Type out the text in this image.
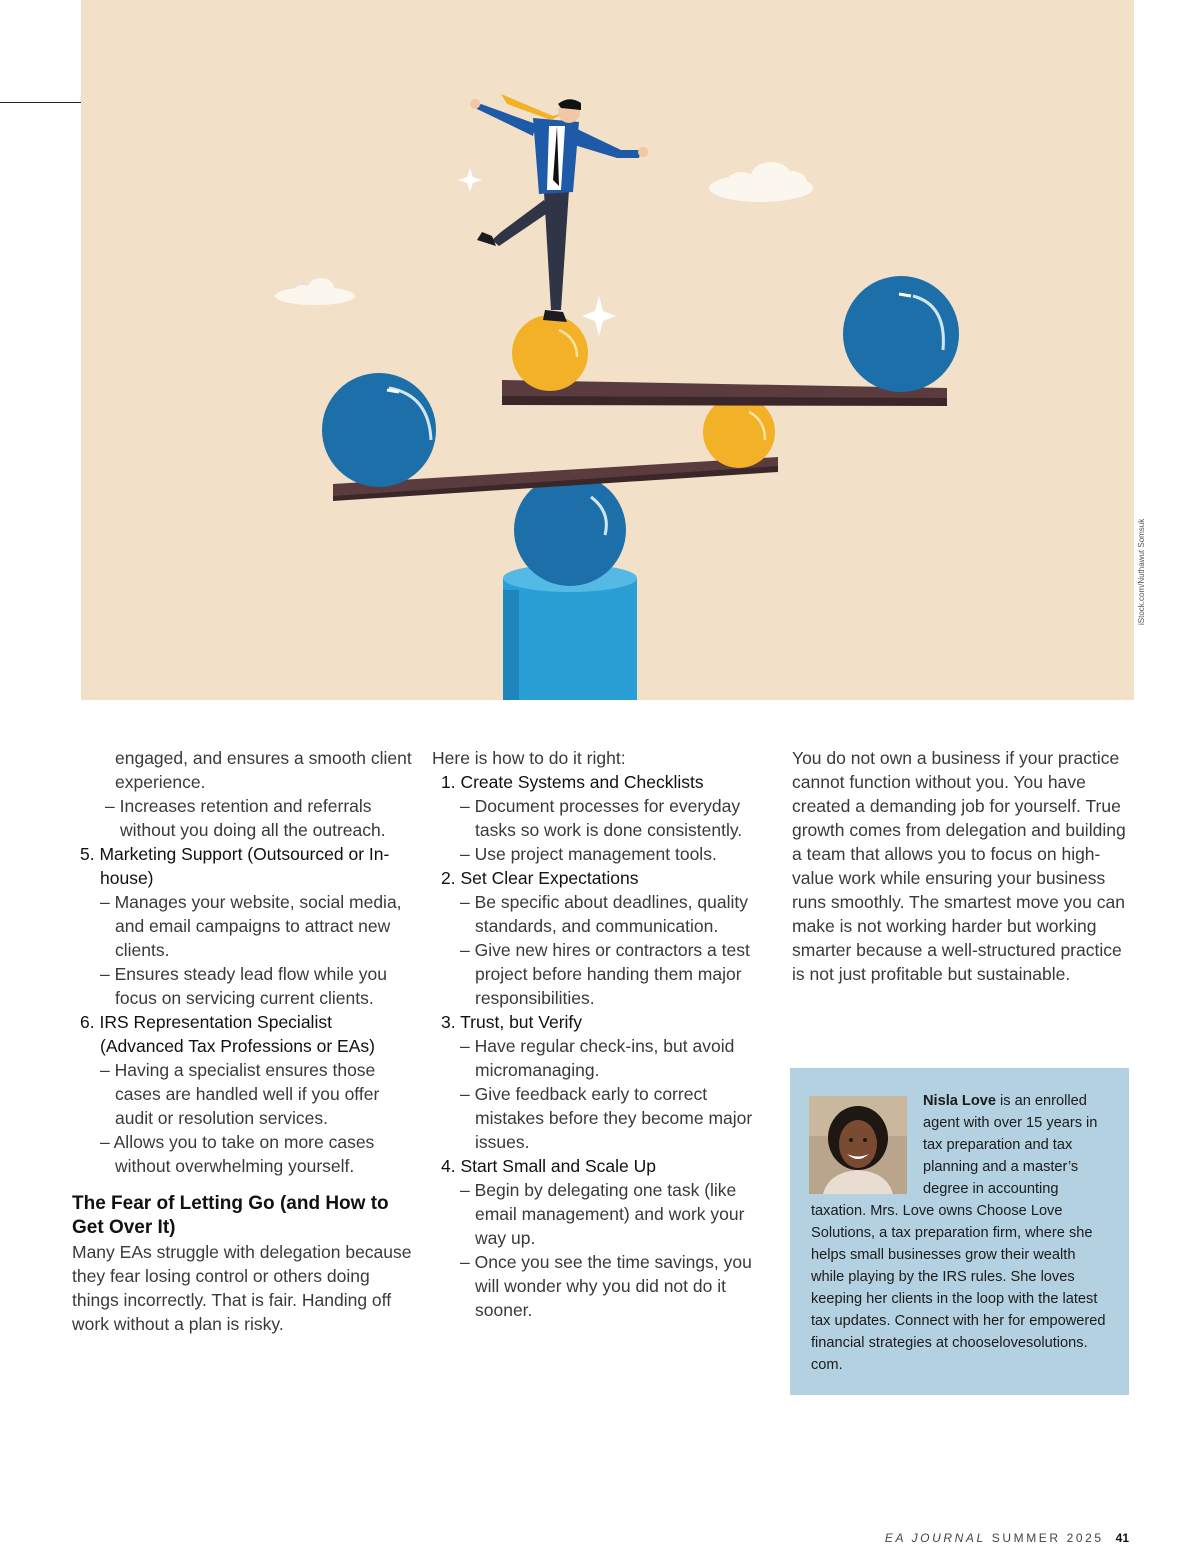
iStock.com/Nuthawut Somsuk

engaged, and ensures a smooth client experience.

– Increases retention and referrals without you doing all the outreach.

5. Marketing Support (Outsourced or In-house)

– Manages your website, social media, and email campaigns to attract new clients.

– Ensures steady lead flow while you focus on servicing current clients.

6. IRS Representation Specialist (Advanced Tax Professions or EAs)

– Having a specialist ensures those cases are handled well if you offer audit or resolution services.

– Allows you to take on more cases without overwhelming yourself.

The Fear of Letting Go (and How to Get Over It)

Many EAs struggle with delegation because they fear losing control or others doing things incorrectly. That is fair. Handing off work without a plan is risky.

Here is how to do it right:

1. Create Systems and Checklists

– Document processes for everyday tasks so work is done consistently.

– Use project management tools.

2. Set Clear Expectations

– Be specific about deadlines, quality standards, and communication.

– Give new hires or contractors a test project before handing them major responsibilities.

3. Trust, but Verify

– Have regular check-ins, but avoid micromanaging.

– Give feedback early to correct mistakes before they become major issues.

4. Start Small and Scale Up

– Begin by delegating one task (like email management) and work your way up.

– Once you see the time savings, you will wonder why you did not do it sooner.

You do not own a business if your practice cannot function without you. You have created a demanding job for yourself. True growth comes from delegation and building a team that allows you to focus on high-value work while ensuring your business runs smoothly. The smartest move you can make is not working harder but working smarter because a well-structured practice is not just profitable but sustainable.

Nisla Love is an enrolled agent with over 15 years in tax preparation and tax planning and a master’s degree in accounting taxation. Mrs. Love owns Choose Love Solutions, a tax preparation firm, where she helps small businesses grow their wealth while playing by the IRS rules. She loves keeping her clients in the loop with the latest tax updates. Connect with her for empowered financial strategies at chooselovesolutions. com.
EA JOURNAL SUMMER 2025 41
